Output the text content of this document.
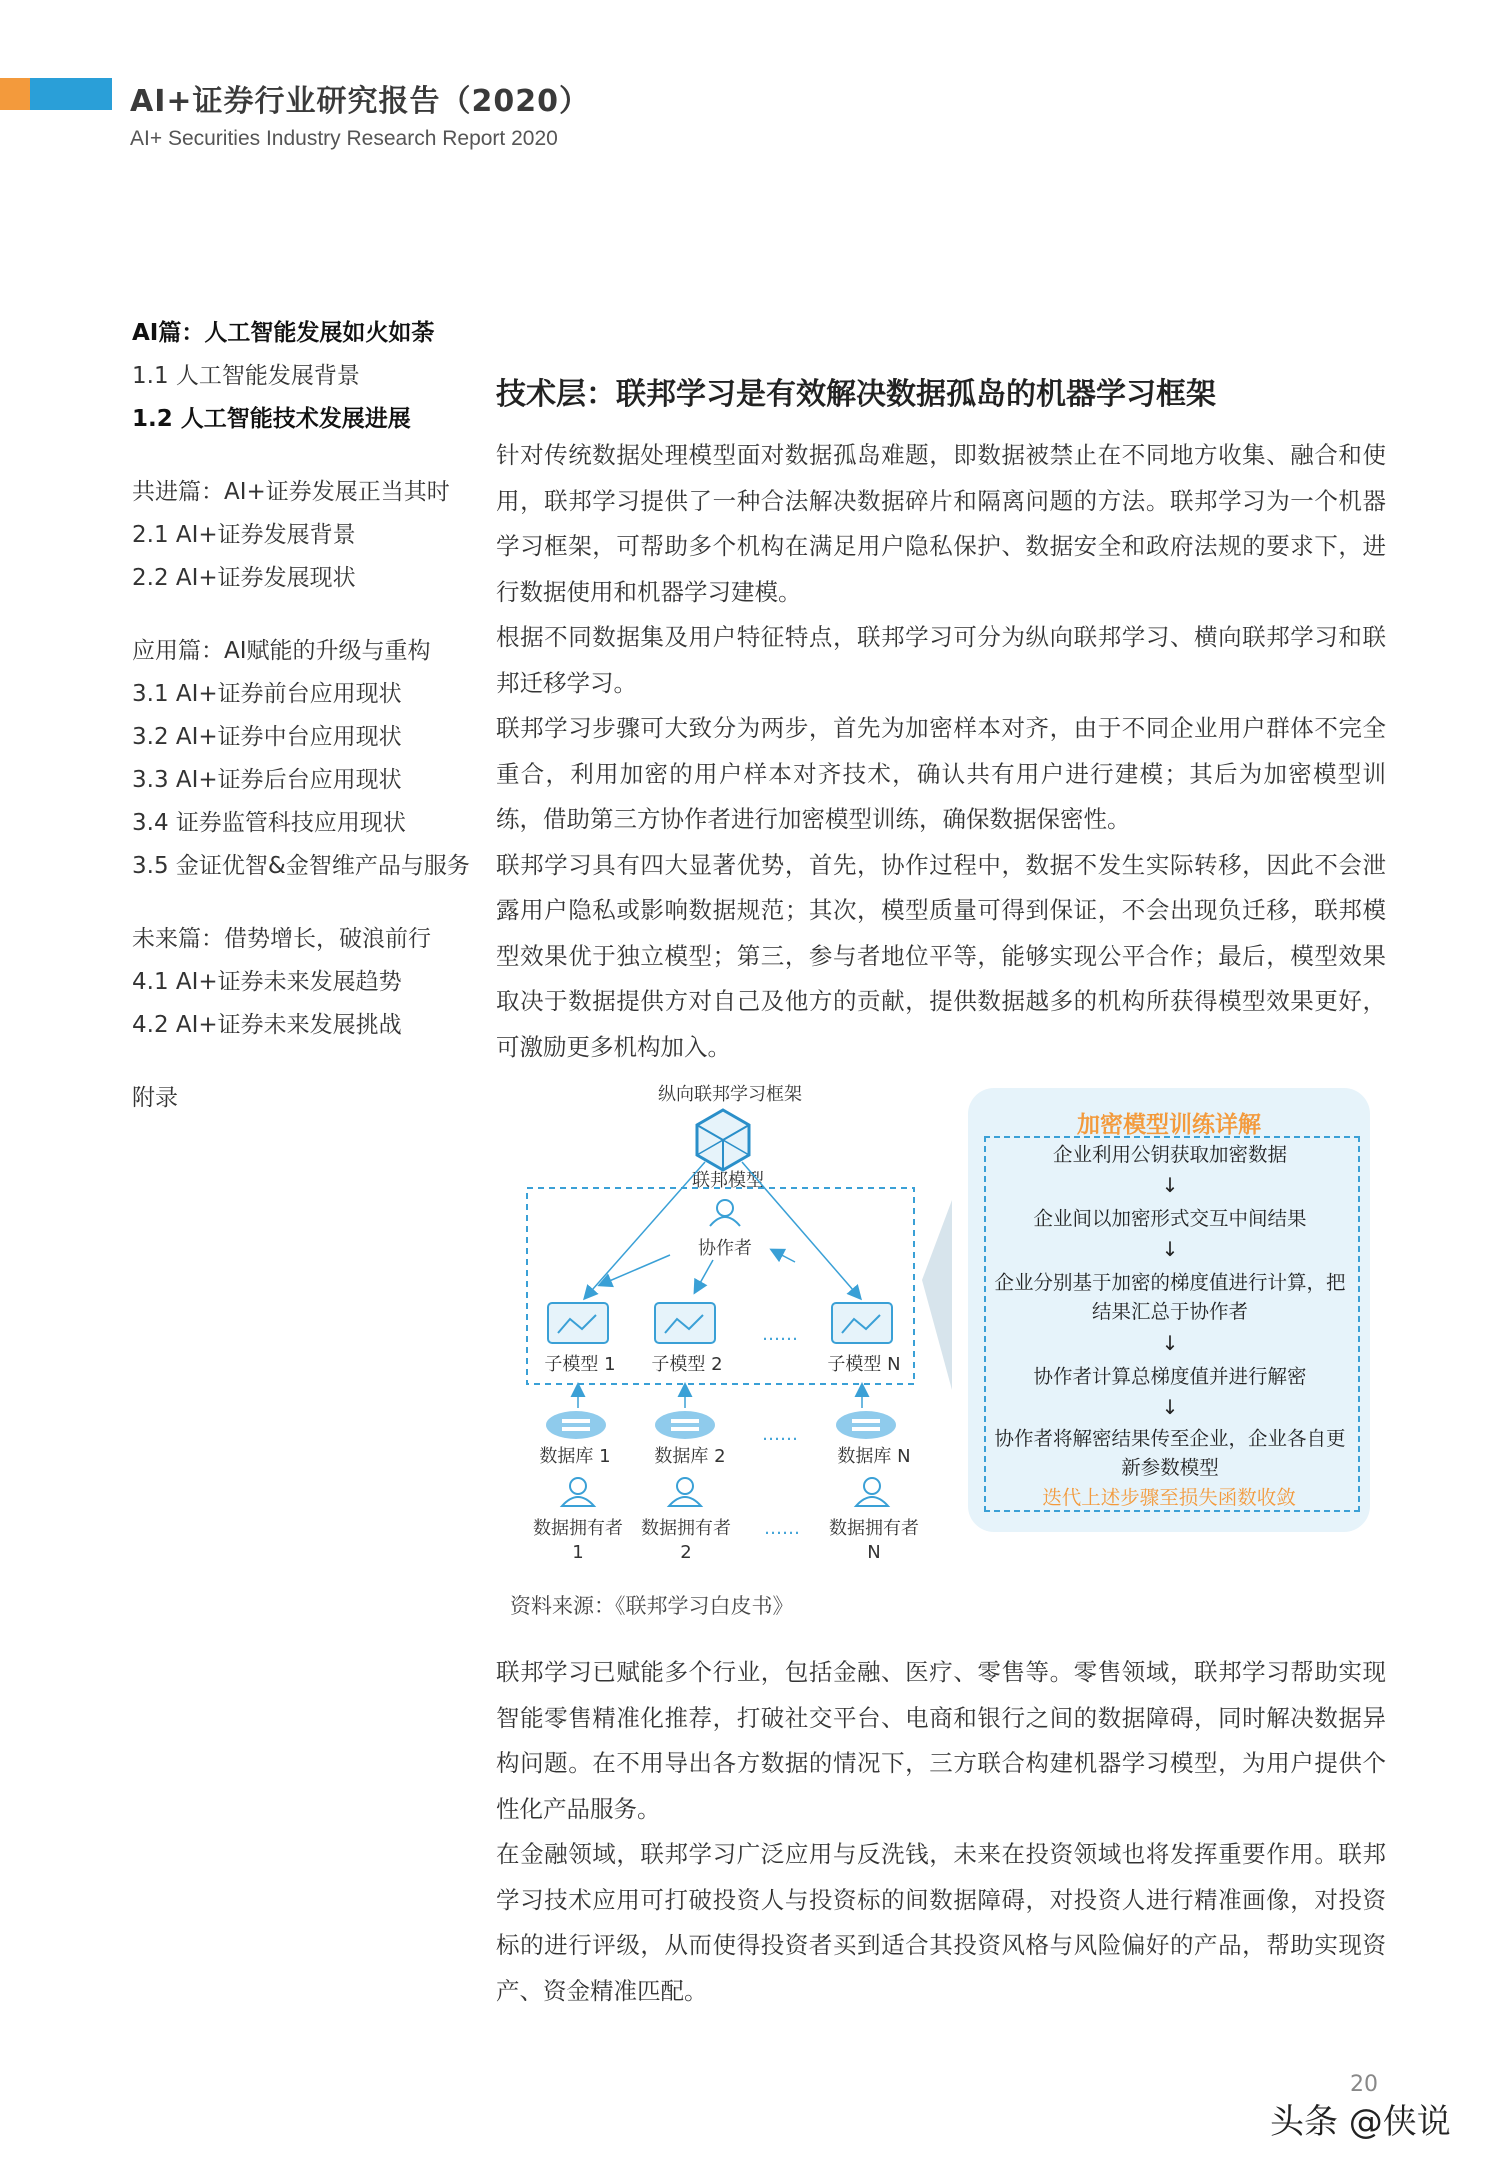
AI+证券行业研究报告（2020）
AI+ Securities Industry Research Report 2020
AI篇：人工智能发展如火如荼
1.1 人工智能发展背景
1.2 人工智能技术发展进展
共进篇：AI+证券发展正当其时
2.1 AI+证券发展背景
2.2 AI+证券发展现状
应用篇：AI赋能的升级与重构
3.1 AI+证券前台应用现状
3.2 AI+证券中台应用现状
3.3 AI+证券后台应用现状
3.4 证券监管科技应用现状
3.5 金证优智&金智维产品与服务
未来篇：借势增长，破浪前行
4.1 AI+证券未来发展趋势
4.2 AI+证券未来发展挑战
附录
技术层：联邦学习是有效解决数据孤岛的机器学习框架

针对传统数据处理模型面对数据孤岛难题，即数据被禁止在不同地方收集、融合和使用，联邦学习提供了一种合法解决数据碎片和隔离问题的方法。联邦学习为一个机器学习框架，可帮助多个机构在满足用户隐私保护、数据安全和政府法规的要求下，进行数据使用和机器学习建模。

根据不同数据集及用户特征特点，联邦学习可分为纵向联邦学习、横向联邦学习和联邦迁移学习。

联邦学习步骤可大致分为两步，首先为加密样本对齐，由于不同企业用户群体不完全重合，利用加密的用户样本对齐技术，确认共有用户进行建模；其后为加密模型训练，借助第三方协作者进行加密模型训练，确保数据保密性。

联邦学习具有四大显著优势，首先，协作过程中，数据不发生实际转移，因此不会泄露用户隐私或影响数据规范；其次，模型质量可得到保证，不会出现负迁移，联邦模型效果优于独立模型；第三，参与者地位平等，能够实现公平合作；最后，模型效果取决于数据提供方对自己及他方的贡献，提供数据越多的机构所获得模型效果更好，可激励更多机构加入。

纵向联邦学习框架
联邦模型
协作者
子模型 1 子模型 2	子模型 N
……
数据库 1 数据库 2	数据库 N
……
数据拥有者
1
数据拥有者
2
数据拥有者
N
……
加密模型训练详解
企业利用公钥获取加密数据
↓
企业间以加密形式交互中间结果
↓
企业分别基于加密的梯度值进行计算，把结果汇总于协作者
↓
协作者计算总梯度值并进行解密
↓
协作者将解密结果传至企业，企业各自更新参数模型
迭代上述步骤至损失函数收敛
资料来源：《联邦学习白皮书》

联邦学习已赋能多个行业，包括金融、医疗、零售等。零售领域，联邦学习帮助实现智能零售精准化推荐，打破社交平台、电商和银行之间的数据障碍，同时解决数据异构问题。在不用导出各方数据的情况下，三方联合构建机器学习模型，为用户提供个性化产品服务。

在金融领域，联邦学习广泛应用与反洗钱，未来在投资领域也将发挥重要作用。联邦学习技术应用可打破投资人与投资标的间数据障碍，对投资人进行精准画像，对投资标的进行评级，从而使得投资者买到适合其投资风格与风险偏好的产品，帮助实现资产、资金精准匹配。

20
头条 @侠说
